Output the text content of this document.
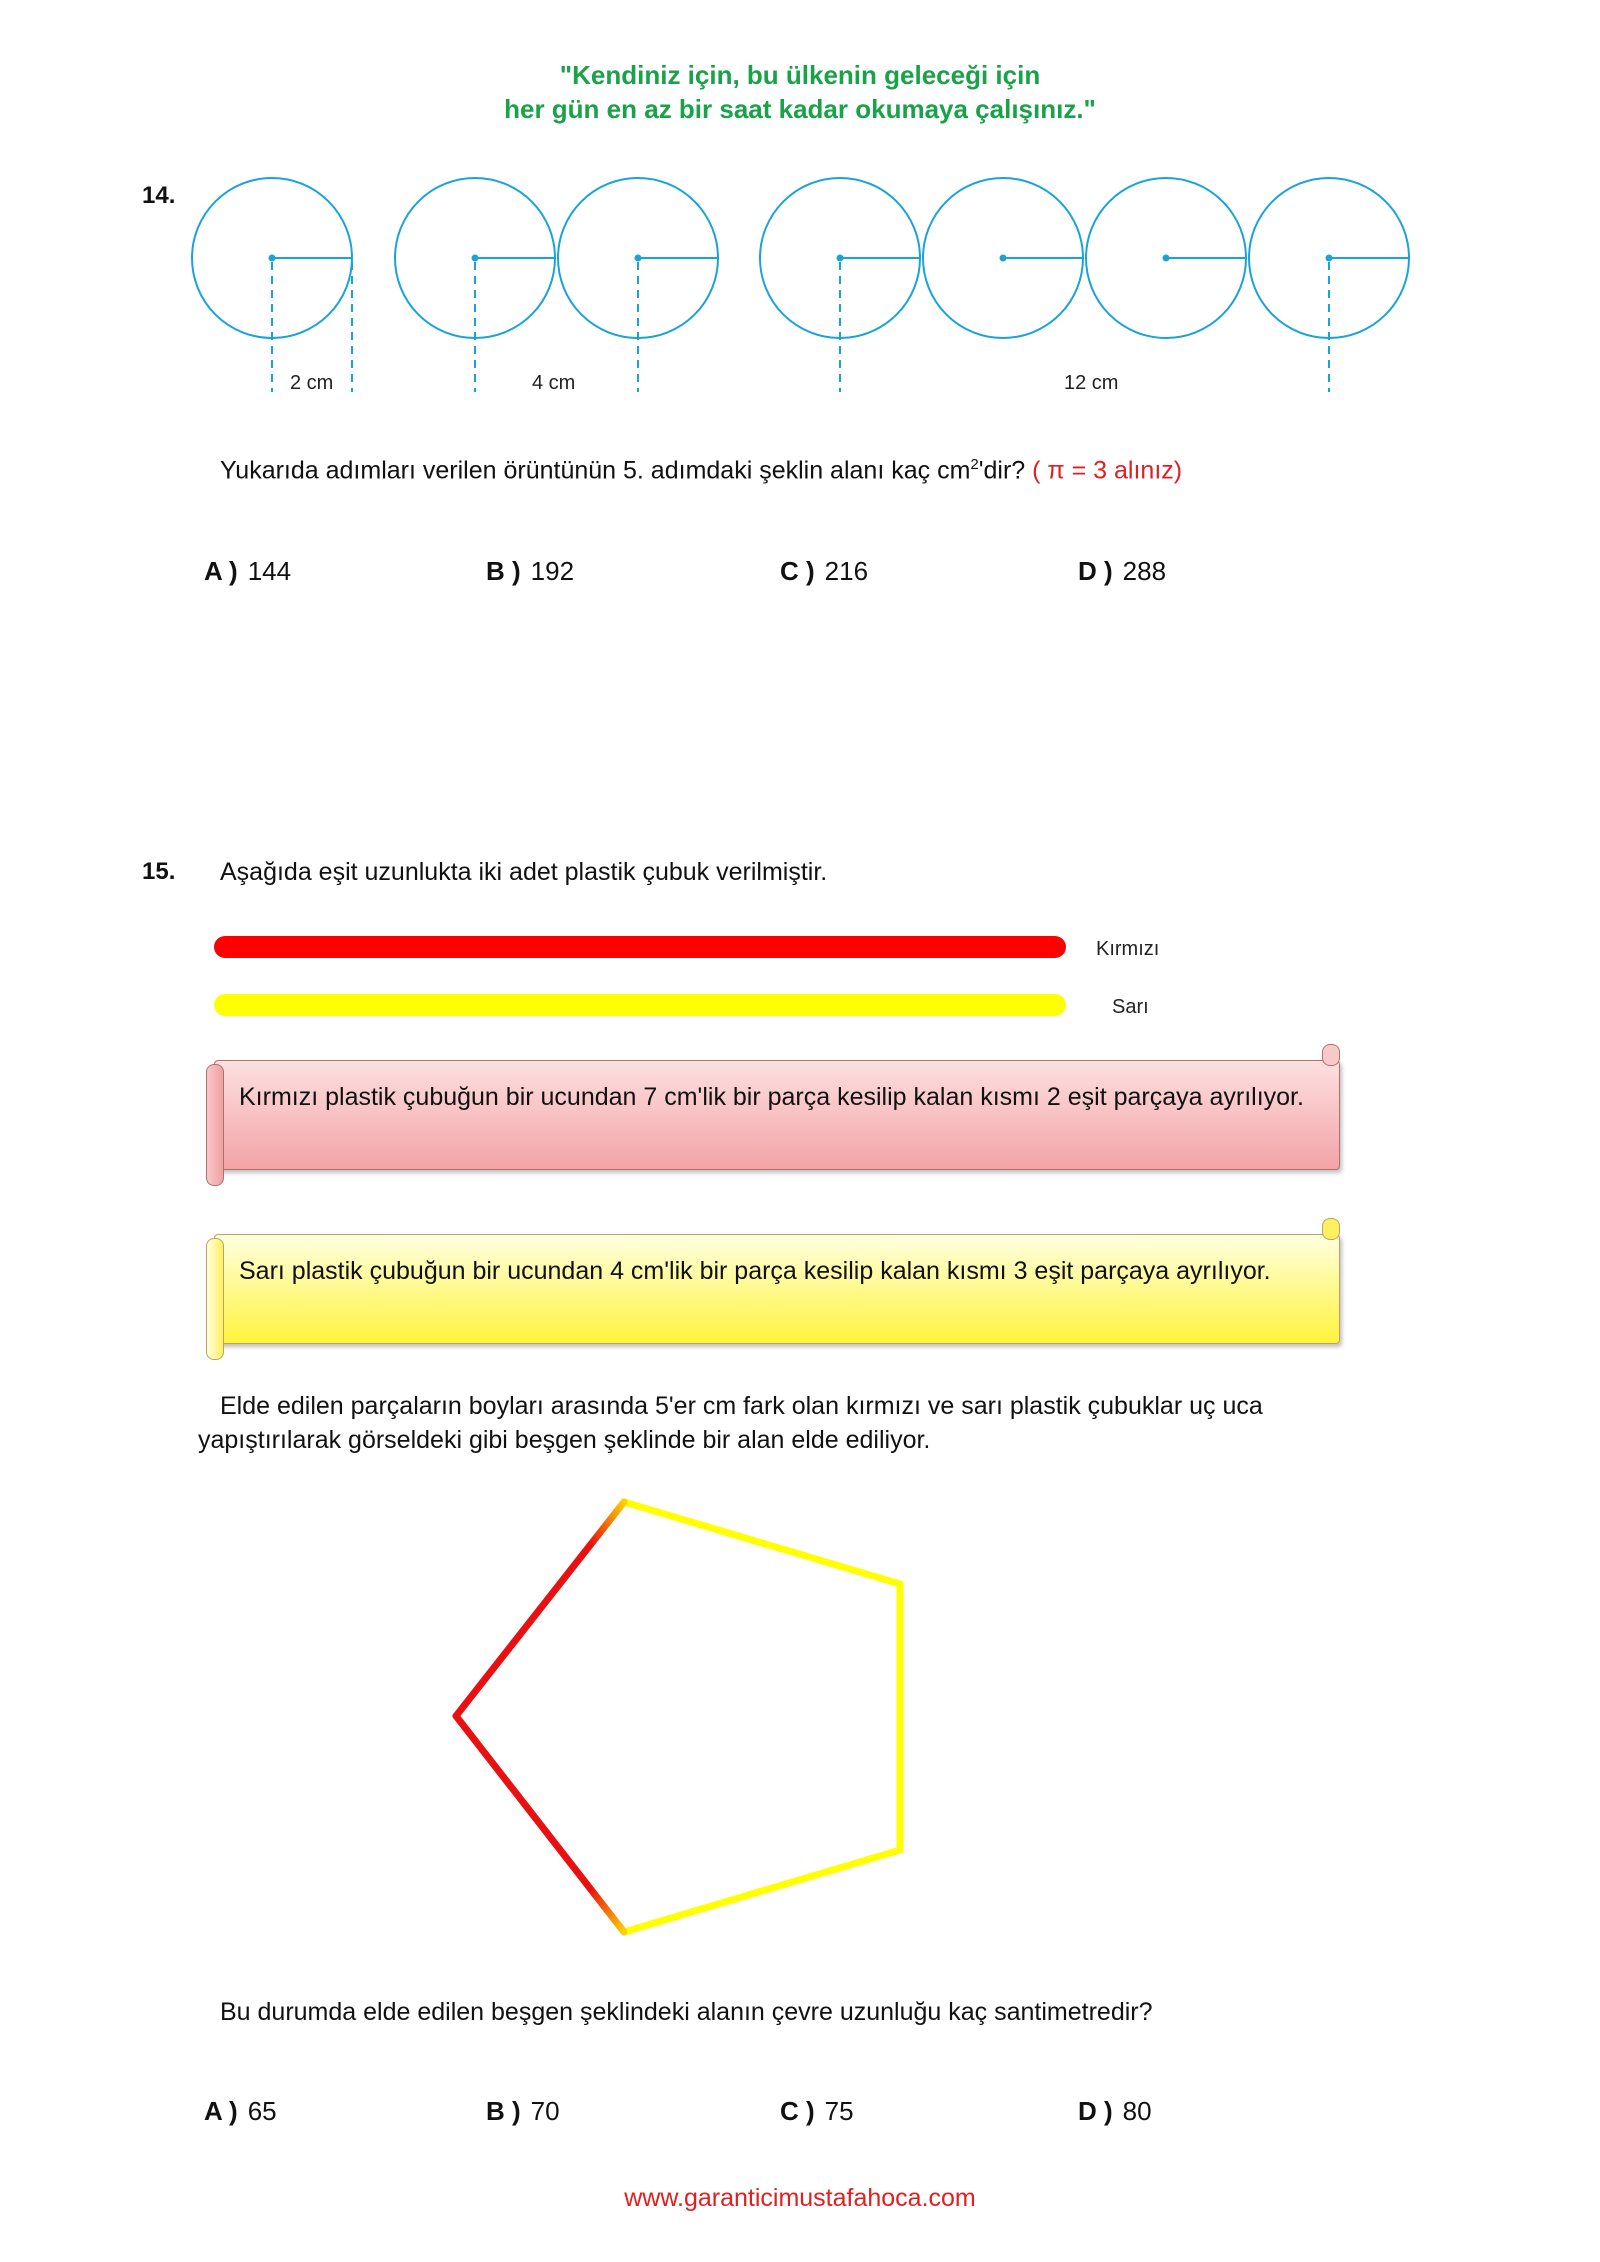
"Kendiniz için, bu ülkenin geleceği için
her gün en az bir saat kadar okumaya çalışınız."
14.
2 cm	4 cm	12 cm
Yukarıda adımları verilen örüntünün 5. adımdaki şeklin alanı kaç $cm^2'dir$? ( π = 3 alınız)
A ) 144	B ) 192	C ) 216	D ) 288
15. Aşağıda eşit uzunlukta iki adet plastik çubuk verilmiştir.
Kırmızı
Sarı
Kırmızı plastik çubuğun bir ucundan 7 cm'lik bir parça kesilip kalan kısmı 2 eşit parçaya ayrılıyor.
Sarı plastik çubuğun bir ucundan 4 cm'lik bir parça kesilip kalan kısmı 3 eşit parçaya ayrılıyor.
Elde edilen parçaların boyları arasında 5'er cm fark olan kırmızı ve sarı plastik çubuklar uç uca
yapıştırılarak görseldeki gibi beşgen şeklinde bir alan elde ediliyor.
Bu durumda elde edilen beşgen şeklindeki alanın çevre uzunluğu kaç santimetredir?
A ) 65	B ) 70	C ) 75	D ) 80
www.garanticimustafahoca.com
